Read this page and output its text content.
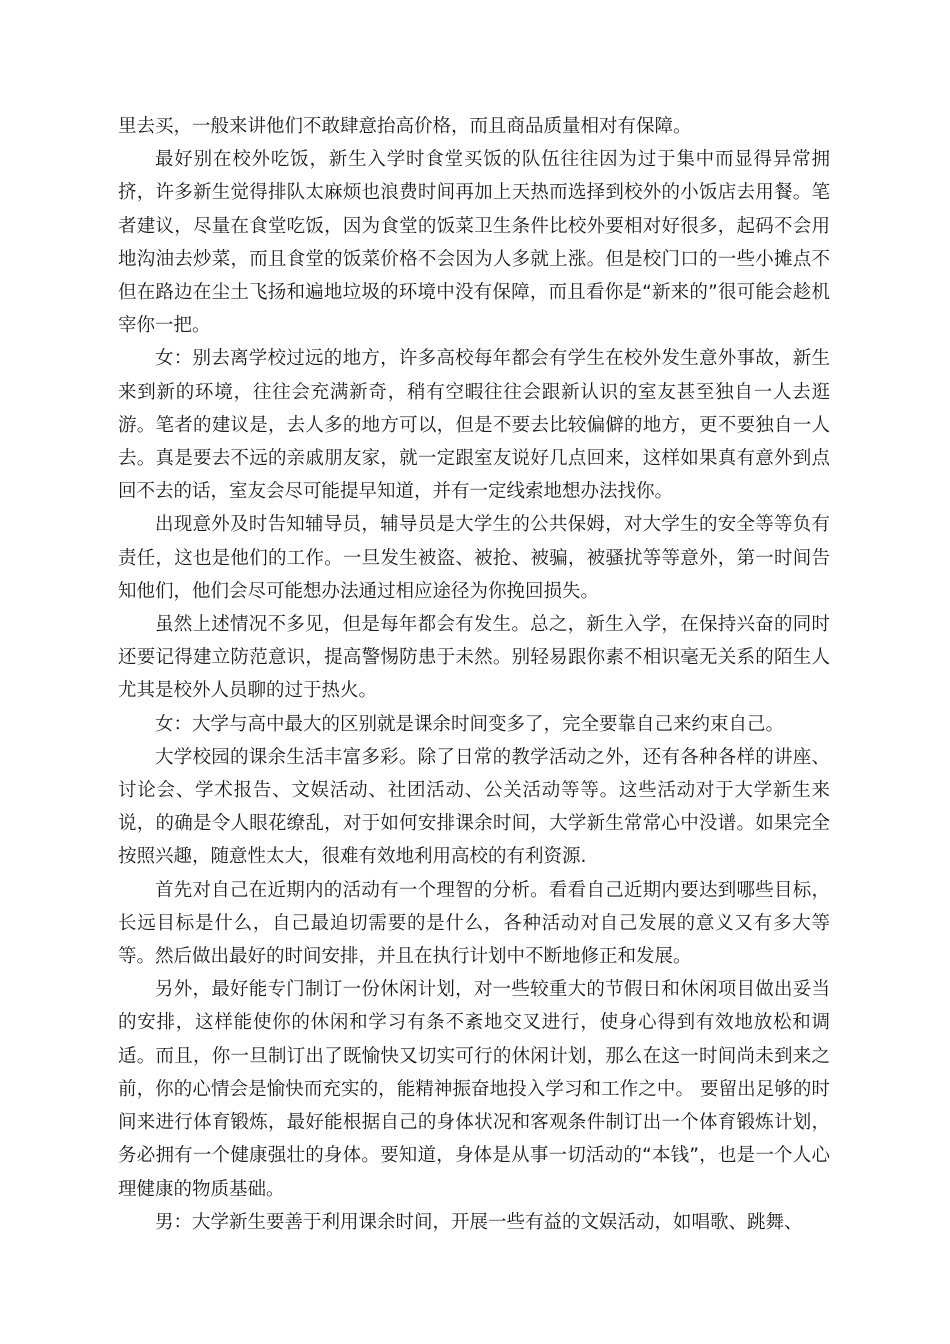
里去买，一般来讲他们不敢肆意抬高价格，而且商品质量相对有保障。

最好别在校外吃饭，新生入学时食堂买饭的队伍往往因为过于集中而显得异常拥挤，许多新生觉得排队太麻烦也浪费时间再加上天热而选择到校外的小饭店去用餐。笔者建议，尽量在食堂吃饭，因为食堂的饭菜卫生条件比校外要相对好很多，起码不会用地沟油去炒菜，而且食堂的饭菜价格不会因为人多就上涨。但是校门口的一些小摊点不但在路边在尘土飞扬和遍地垃圾的环境中没有保障，而且看你是“新来的”很可能会趁机宰你一把。

女：别去离学校过远的地方，许多高校每年都会有学生在校外发生意外事故，新生来到新的环境，往往会充满新奇，稍有空暇往往会跟新认识的室友甚至独自一人去逛游。笔者的建议是，去人多的地方可以，但是不要去比较偏僻的地方，更不要独自一人去。真是要去不远的亲戚朋友家，就一定跟室友说好几点回来，这样如果真有意外到点回不去的话，室友会尽可能提早知道，并有一定线索地想办法找你。

出现意外及时告知辅导员，辅导员是大学生的公共保姆，对大学生的安全等等负有责任，这也是他们的工作。一旦发生被盗、被抢、被骗，被骚扰等等意外，第一时间告知他们，他们会尽可能想办法通过相应途径为你挽回损失。

虽然上述情况不多见，但是每年都会有发生。总之，新生入学，在保持兴奋的同时还要记得建立防范意识，提高警惕防患于未然。别轻易跟你素不相识毫无关系的陌生人尤其是校外人员聊的过于热火。

女：大学与高中最大的区别就是课余时间变多了，完全要靠自己来约束自己。

大学校园的课余生活丰富多彩。除了日常的教学活动之外，还有各种各样的讲座、讨论会、学术报告、文娱活动、社团活动、公关活动等等。这些活动对于大学新生来说，的确是令人眼花缭乱，对于如何安排课余时间，大学新生常常心中没谱。如果完全按照兴趣，随意性太大，很难有效地利用高校的有利资源.

首先对自己在近期内的活动有一个理智的分析。看看自己近期内要达到哪些目标，长远目标是什么，自己最迫切需要的是什么，各种活动对自己发展的意义又有多大等等。然后做出最好的时间安排，并且在执行计划中不断地修正和发展。

另外，最好能专门制订一份休闲计划，对一些较重大的节假日和休闲项目做出妥当的安排，这样能使你的休闲和学习有条不紊地交叉进行，使身心得到有效地放松和调适。而且，你一旦制订出了既愉快又切实可行的休闲计划，那么在这一时间尚未到来之前，你的心情会是愉快而充实的，能精神振奋地投入学习和工作之中。 要留出足够的时间来进行体育锻炼，最好能根据自己的身体状况和客观条件制订出一个体育锻炼计划，务必拥有一个健康强壮的身体。要知道，身体是从事一切活动的“本钱”，也是一个人心理健康的物质基础。

男：大学新生要善于利用课余时间，开展一些有益的文娱活动，如唱歌、跳舞、
